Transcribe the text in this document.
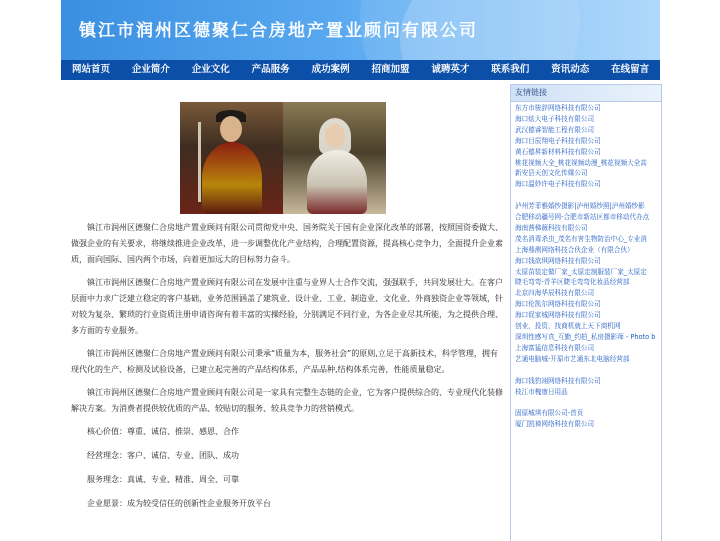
镇江市润州区德聚仁合房地产置业顾问有限公司
网站首页	企业简介	企业文化	产品服务	成功案例	招商加盟	诚聘英才	联系我们	资讯动态	在线留言

镇江市润州区德聚仁合房地产置业顾问有限公司贯彻党中央、国务院关于国有企业深化改革的部署，按照国资委做大、做强企业的有关要求，将继续推进企业改革，进一步调整优化产业结构，合理配置资源，提高核心竞争力，全面提升企业素质，面向国际、国内两个市场，向着更加远大的目标努力奋斗。

镇江市润州区德聚仁合房地产置业顾问有限公司在发展中注重与业界人士合作交流，强强联手，共同发展壮大。在客户层面中力求广泛建立稳定的客户基础，业务范围涵盖了建筑业、设计业、工业、制造业、文化业、外商独资企业等领域，针对较为复杂、繁琐的行业资质注册申请咨询有着丰富的实操经验，分别满足不同行业，为各企业尽其所能，为之提供合理、多方面的专业服务。

镇江市润州区德聚仁合房地产置业顾问有限公司秉承“质量为本，服务社会”的原则,立足于高新技术，科学管理，拥有现代化的生产、检测及试验设备，已建立起完善的产品结构体系，产品品种,结构体系完善，性能质量稳定。

镇江市润州区德聚仁合房地产置业顾问有限公司是一家具有完整生态链的企业，它为客户提供综合的、专业现代化装修解决方案。为消费者提供较优质的产品、较贴切的服务、较具竞争力的营销模式。

核心价值：尊重、诚信、推崇、感恩、合作

经营理念：客户、诚信、专业、团队、成功

服务理念：真诚、专业、精准、周全、可靠

企业愿景：成为较受信任的创新性企业服务开放平台

友情链接
东方市骏辞网络科技有限公司
海口炫大电子科技有限公司
武汉德睿智能工程有限公司
海口目辰翔电子科技有限公司
黄石德昇新材料科技有限公司
桃花视频大全_桃花视频动漫_桃花视频大全高
新安县天创文化传媒公司
海口温妙许电子科技有限公司
泸州芳菲雅婚纱摄影|泸州婚纱照|泸州婚纱影
合肥移动疆号网-合肥市新站区都市移动代办点
海南茜梯薇科技有限公司
茂名消毒杀虫_茂名有害生物防治中心_专业消
上海蓦测网络科技合伙企业（有限合伙）
海口钱欲琪网络科技有限公司
太原苗装定做厂家_太原定制服装厂家_太原定
睫毛弯弯-青羊区睫毛弯弯化妆品经营部
北京四海华辰科技有限公司
海口伦凯尔网络科技有限公司
海口促家城网络科技有限公司
创业，投资，找商机就上天下商机网
深圳性感写真_互勤_约拍_私房摄影师 - Photo b
上海富猛信息科技有限公司
艺通电脑城-开原市艺通东北电脑经营部
海口钱豹翊网络科技有限公司
枝江市槐康日用品
固原城琪有限公司-首页
厦门凯禅网络科技有限公司
